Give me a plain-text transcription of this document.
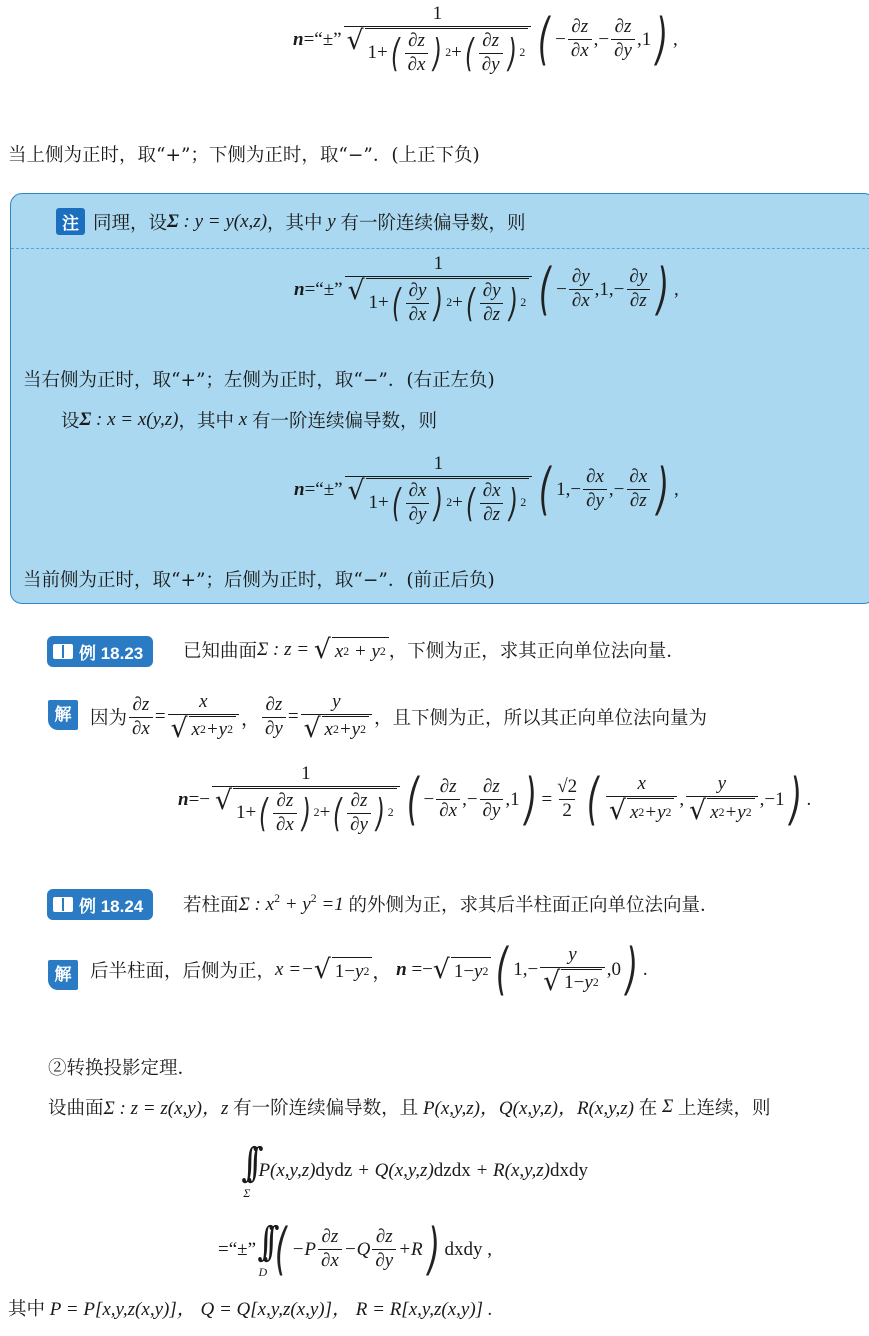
n =“±” $\frac{1}{√ 1+ ( \frac{\partial z}{\partial x} ) 2 + ( \frac{\partial z}{\partial y} ) 2}$ ( − $\frac{\partial z}{\partial x}$ ,− $\frac{\partial z}{\partial y} ,1$ ) ,
当上侧为正时，取“+”；下侧为正时，取“−”．(上正下负)
注 同理，设 Σ : y = y(x,z) ，其中 y 有一阶连续偏导数，则
n =“±” $\frac{1}{√ 1+ ( \frac{\partial y}{\partial x} ) 2 + ( \frac{\partial y}{\partial z} ) 2}$ ( − $\frac{\partial y}{\partial x} ,1,- \frac{\partial y}{\partial z}$ ) ,
当右侧为正时，取“+”；左侧为正时，取“−”．(右正左负)
设 Σ : x = x(y,z) ，其中 x 有一阶连续偏导数，则
n =“±” $\frac{1}{√ 1+ ( \frac{\partial x}{\partial y} ) 2 + ( \frac{\partial x}{\partial z} ) 2}$ ( $1,- \frac{\partial x}{\partial y}$ ,− $\frac{\partial x}{\partial z}$ ) ,
当前侧为正时，取“+”；后侧为正时，取“−”．(前正后负)
例 18.23 已知曲面 Σ : z = √ x 2 + y 2 ，下侧为正，求其正向单位法向量．
解	因为 $\frac{\partial z}{\partial x} = \frac{x}{√ x 2 +y 2}$ ， $\frac{\partial z}{\partial y} = \frac{y}{√ x 2 +y 2}$ ，且下侧为正，所以其正向单位法向量为
$n =- \frac{1}{√ 1+ ( \frac{\partial z}{\partial x} ) 2 + ( \frac{\partial z}{\partial y} ) 2}$ ( − $\frac{\partial z}{\partial x}$ ,− $\frac{\partial z}{\partial y} ,1$ ) = $\frac{√2}{2}$ ( $\frac{x}{√ x 2 +y 2}$ , $\frac{y}{√ x 2 +y 2} ,-1$ ) .
例 18.24 若柱面 Σ : $x^2 + y^2 =1$ 的外侧为正，求其后半柱面正向单位法向量．
解	后半柱面，后侧为正， x =− √ 1− y 2 ， n =− √ 1− y 2 ( $1,- \frac{y}{√ 1- y 2} ,0$ ) .
②转换投影定理．
设曲面 Σ : z = z(x,y)，z 有一阶连续偏导数，且 P(x,y,z)，Q(x,y,z)，R(x,y,z) 在 Σ 上连续，则
∫∫
Σ
P(x,y,z)dydz + Q(x,y,z)dzdx + R(x,y,z)dxdy
=“±” ∫∫
D ( $-P \frac{\partial z}{\partial x} -Q \frac{\partial z}{\partial y} +R$ ) dxdy ,
其中 P = P[x,y,z(x,y)]， Q = Q[x,y,z(x,y)]， R = R[x,y,z(x,y)] .
